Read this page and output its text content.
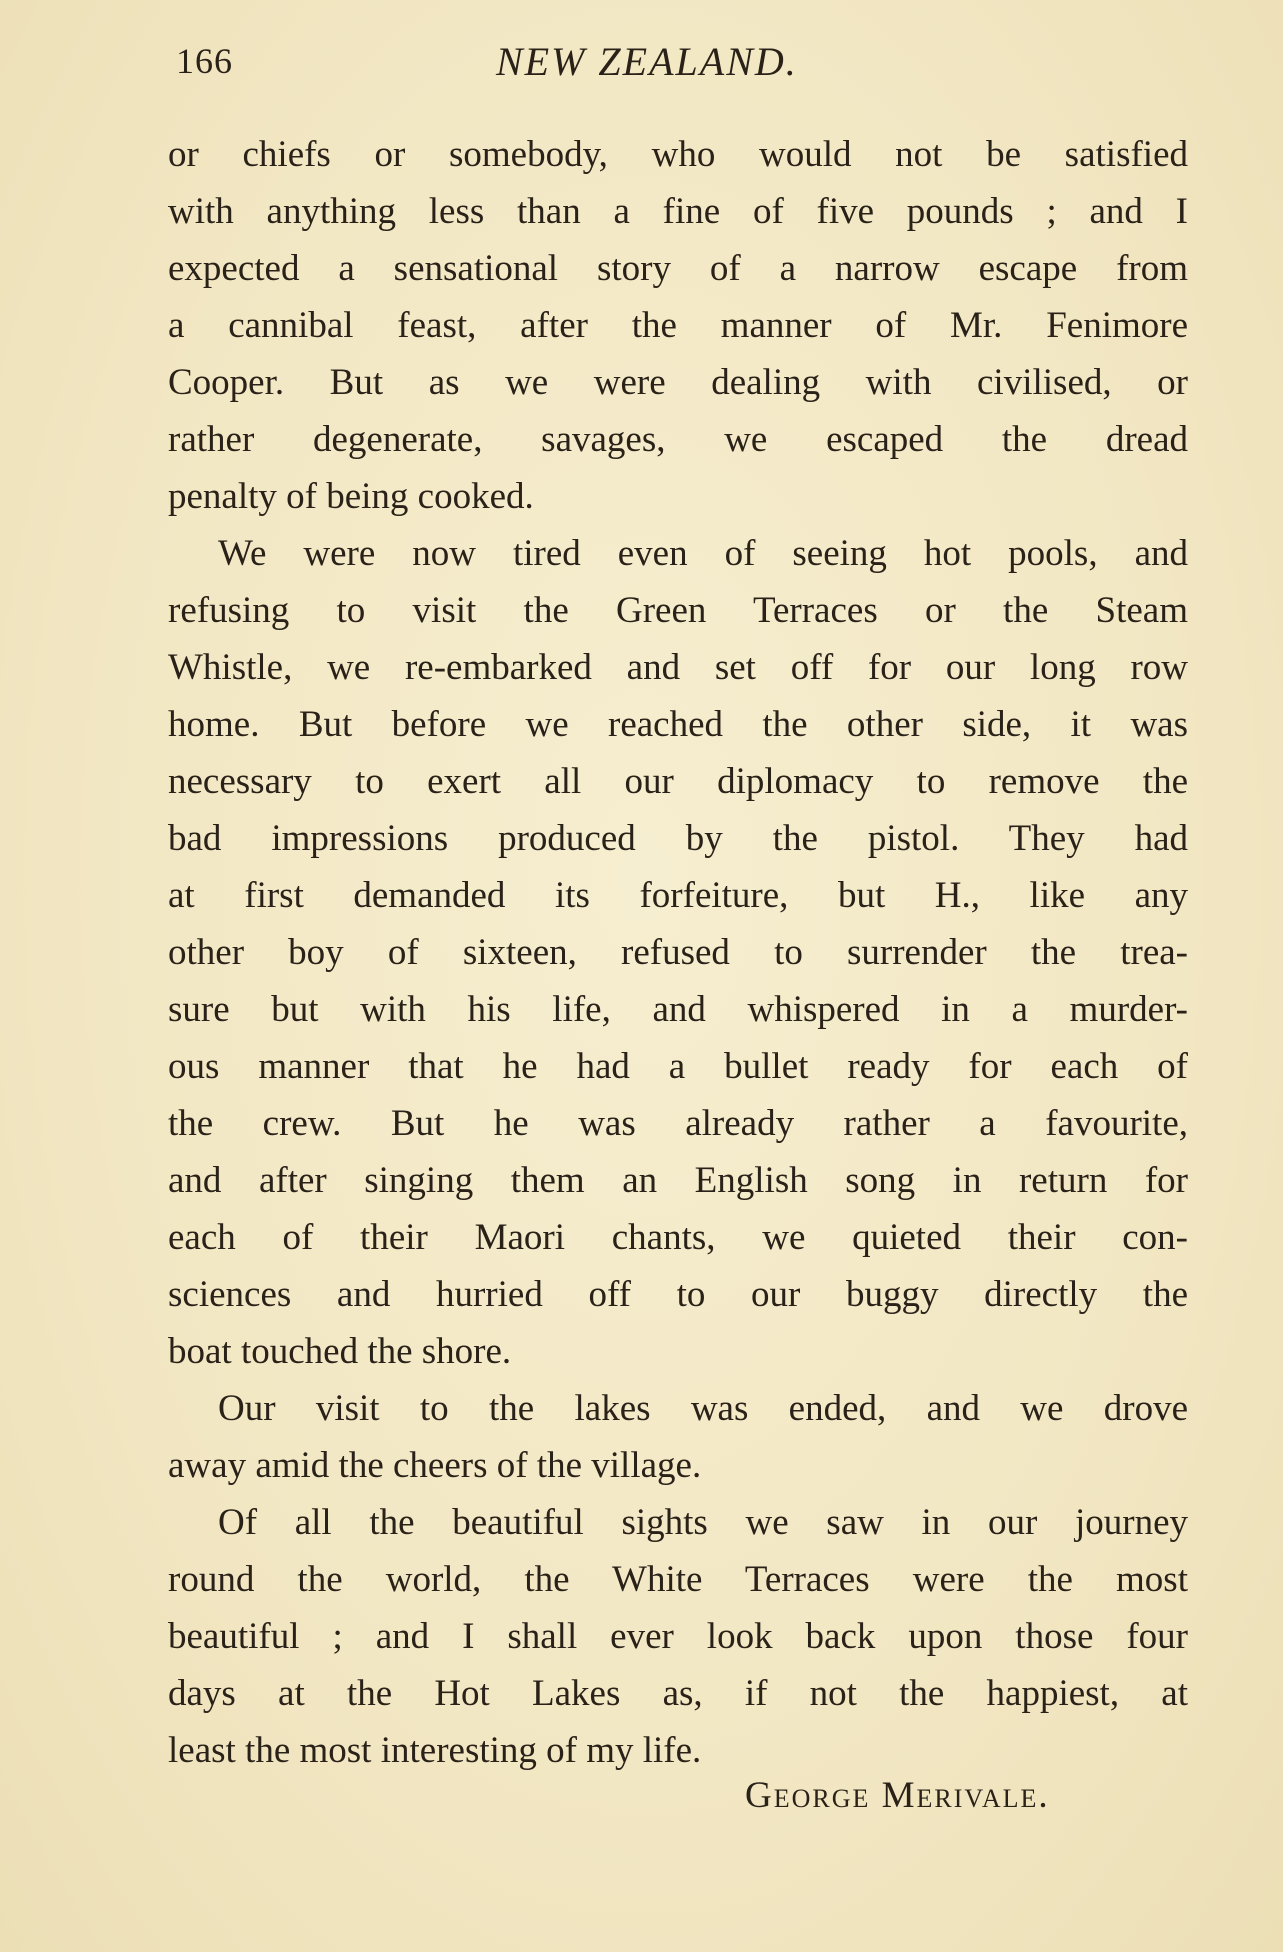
166	NEW ZEALAND.
or chiefs or somebody, who would not be satisfied
with anything less than a fine of five pounds ; and I
expected a sensational story of a narrow escape from
a cannibal feast, after the manner of Mr. Fenimore
Cooper. But as we were dealing with civilised, or
rather degenerate, savages, we escaped the dread
penalty of being cooked.
We were now tired even of seeing hot pools, and
refusing to visit the Green Terraces or the Steam
Whistle, we re-embarked and set off for our long row
home. But before we reached the other side, it was
necessary to exert all our diplomacy to remove the
bad impressions produced by the pistol. They had
at first demanded its forfeiture, but H., like any
other boy of sixteen, refused to surrender the trea-
sure but with his life, and whispered in a murder-
ous manner that he had a bullet ready for each of
the crew. But he was already rather a favourite,
and after singing them an English song in return for
each of their Maori chants, we quieted their con-
sciences and hurried off to our buggy directly the
boat touched the shore.
Our visit to the lakes was ended, and we drove
away amid the cheers of the village.
Of all the beautiful sights we saw in our journey
round the world, the White Terraces were the most
beautiful ; and I shall ever look back upon those four
days at the Hot Lakes as, if not the happiest, at
least the most interesting of my life.
George Merivale.
